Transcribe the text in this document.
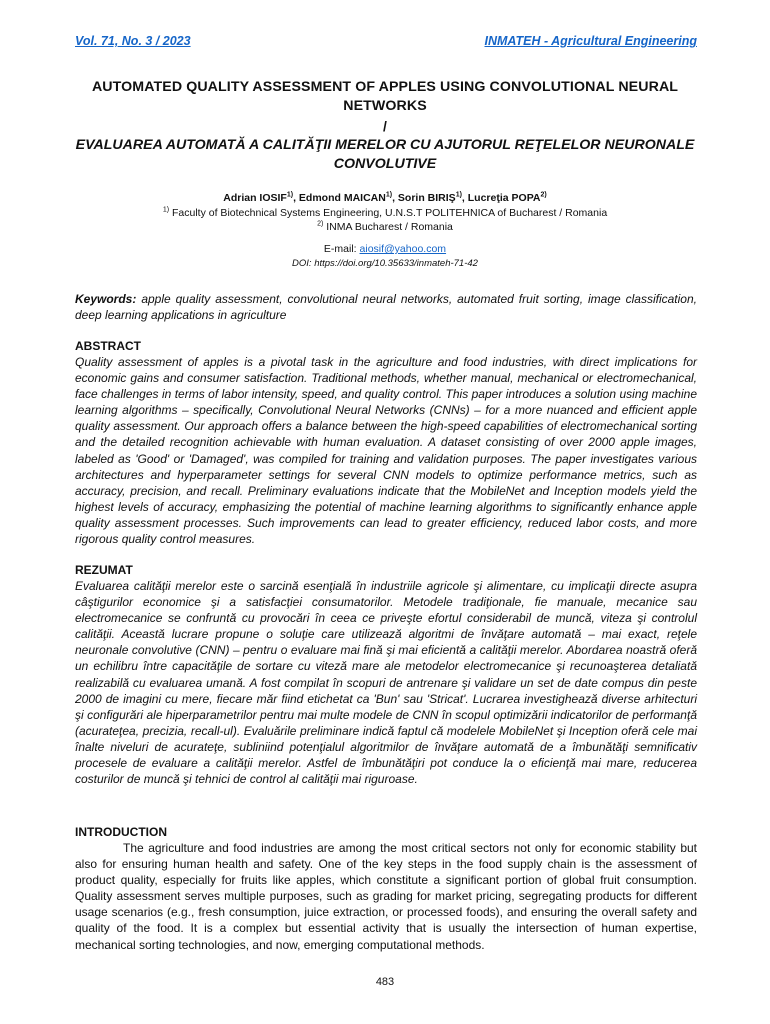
Vol. 71, No. 3 / 2023	INMATEH - Agricultural Engineering
AUTOMATED QUALITY ASSESSMENT OF APPLES USING CONVOLUTIONAL NEURAL NETWORKS
/
EVALUAREA AUTOMATĂ A CALITĂŢII MERELOR CU AJUTORUL REŢELELOR NEURONALE CONVOLUTIVE
Adrian IOSIF$^{1)}$, Edmond MAICAN$^{1)}$, Sorin BIRIŞ$^{1)}$, Lucreţia POPA$^{2)}$
$^{1)}$ Faculty of Biotechnical Systems Engineering, U.N.S.T POLITEHNICA of Bucharest / Romania
$^{2)}$ INMA Bucharest / Romania
E-mail: aiosif@yahoo.com
DOI: https://doi.org/10.35633/inmateh-71-42
Keywords: apple quality assessment, convolutional neural networks, automated fruit sorting, image classification, deep learning applications in agriculture
ABSTRACT
Quality assessment of apples is a pivotal task in the agriculture and food industries, with direct implications for economic gains and consumer satisfaction. Traditional methods, whether manual, mechanical or electromechanical, face challenges in terms of labor intensity, speed, and quality control. This paper introduces a solution using machine learning algorithms – specifically, Convolutional Neural Networks (CNNs) – for a more nuanced and efficient apple quality assessment. Our approach offers a balance between the high-speed capabilities of electromechanical sorting and the detailed recognition achievable with human evaluation. A dataset consisting of over 2000 apple images, labeled as 'Good' or 'Damaged', was compiled for training and validation purposes. The paper investigates various architectures and hyperparameter settings for several CNN models to optimize performance metrics, such as accuracy, precision, and recall. Preliminary evaluations indicate that the MobileNet and Inception models yield the highest levels of accuracy, emphasizing the potential of machine learning algorithms to significantly enhance apple quality assessment processes. Such improvements can lead to greater efficiency, reduced labor costs, and more rigorous quality control measures.
REZUMAT
Evaluarea calităţii merelor este o sarcină esenţială în industriile agricole şi alimentare, cu implicaţii directe asupra câştigurilor economice şi a satisfacţiei consumatorilor. Metodele tradiţionale, fie manuale, mecanice sau electromecanice se confruntă cu provocări în ceea ce priveşte efortul considerabil de muncă, viteza şi controlul calităţii. Această lucrare propune o soluţie care utilizează algoritmi de învăţare automată – mai exact, reţele neuronale convolutive (CNN) – pentru o evaluare mai fină şi mai eficientă a calităţii merelor. Abordarea noastră oferă un echilibru între capacităţile de sortare cu viteză mare ale metodelor electromecanice şi recunoaşterea detaliată realizabilă cu evaluarea umană. A fost compilat în scopuri de antrenare şi validare un set de date compus din peste 2000 de imagini cu mere, fiecare măr fiind etichetat ca 'Bun' sau 'Stricat'. Lucrarea investighează diverse arhitecturi şi configurări ale hiperparametrilor pentru mai multe modele de CNN în scopul optimizării indicatorilor de performanţă (acurateţea, precizia, recall-ul). Evaluările preliminare indică faptul că modelele MobileNet şi Inception oferă cele mai înalte niveluri de acurateţe, subliniind potenţialul algoritmilor de învăţare automată de a îmbunătăţi semnificativ procesele de evaluare a calităţii merelor. Astfel de îmbunătăţiri pot conduce la o eficienţă mai mare, reducerea costurilor de muncă şi tehnici de control al calităţii mai riguroase.
INTRODUCTION
The agriculture and food industries are among the most critical sectors not only for economic stability but also for ensuring human health and safety. One of the key steps in the food supply chain is the assessment of product quality, especially for fruits like apples, which constitute a significant portion of global fruit consumption. Quality assessment serves multiple purposes, such as grading for market pricing, segregating products for different usage scenarios (e.g., fresh consumption, juice extraction, or processed foods), and ensuring the overall safety and quality of the food. It is a complex but essential activity that is usually the intersection of human expertise, mechanical sorting technologies, and now, emerging computational methods.
483
